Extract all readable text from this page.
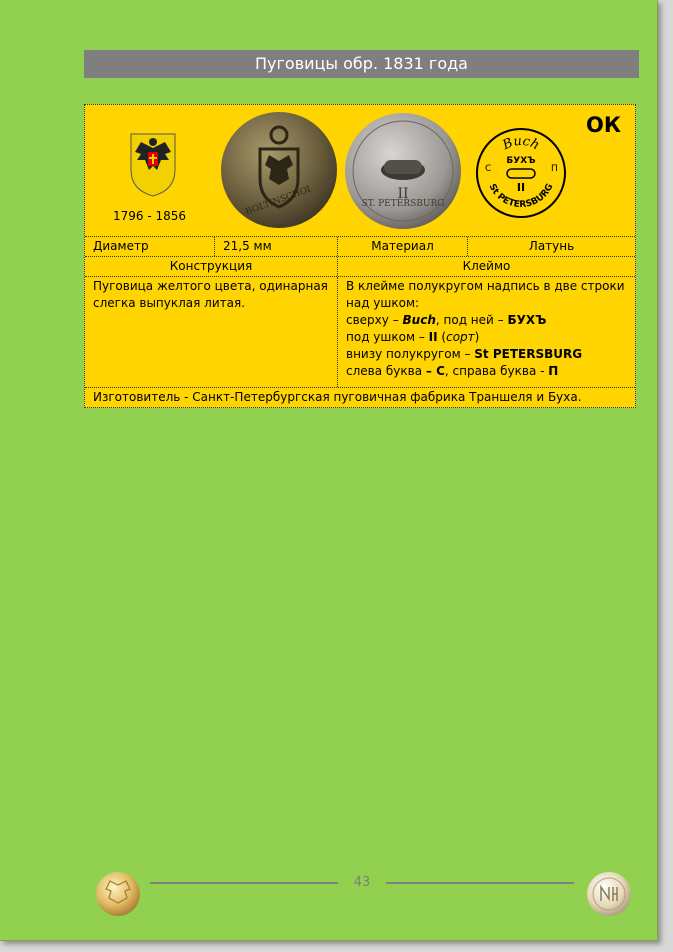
Пуговицы обр. 1831 года
ОК
1796 - 1856	BOLTINSCHOI	ST. PETERSBURG
II
Buch
БУХЪ
II
С	П
St PETERSBURG
Диаметр	21,5 мм	Материал	Латунь
Конструкция	Клеймо
Пуговица желтого цвета, одинарная слегка выпуклая литая.
В клейме полукругом надпись в две строки над ушком:
сверху – Buch, под ней – БУХЪ
под ушком – II (сорт)
внизу полукругом – St PETERSBURG
слева буква – С, справа буква - П
Изготовитель - Санкт-Петербургская пуговичная фабрика Траншеля и Буха.
43
